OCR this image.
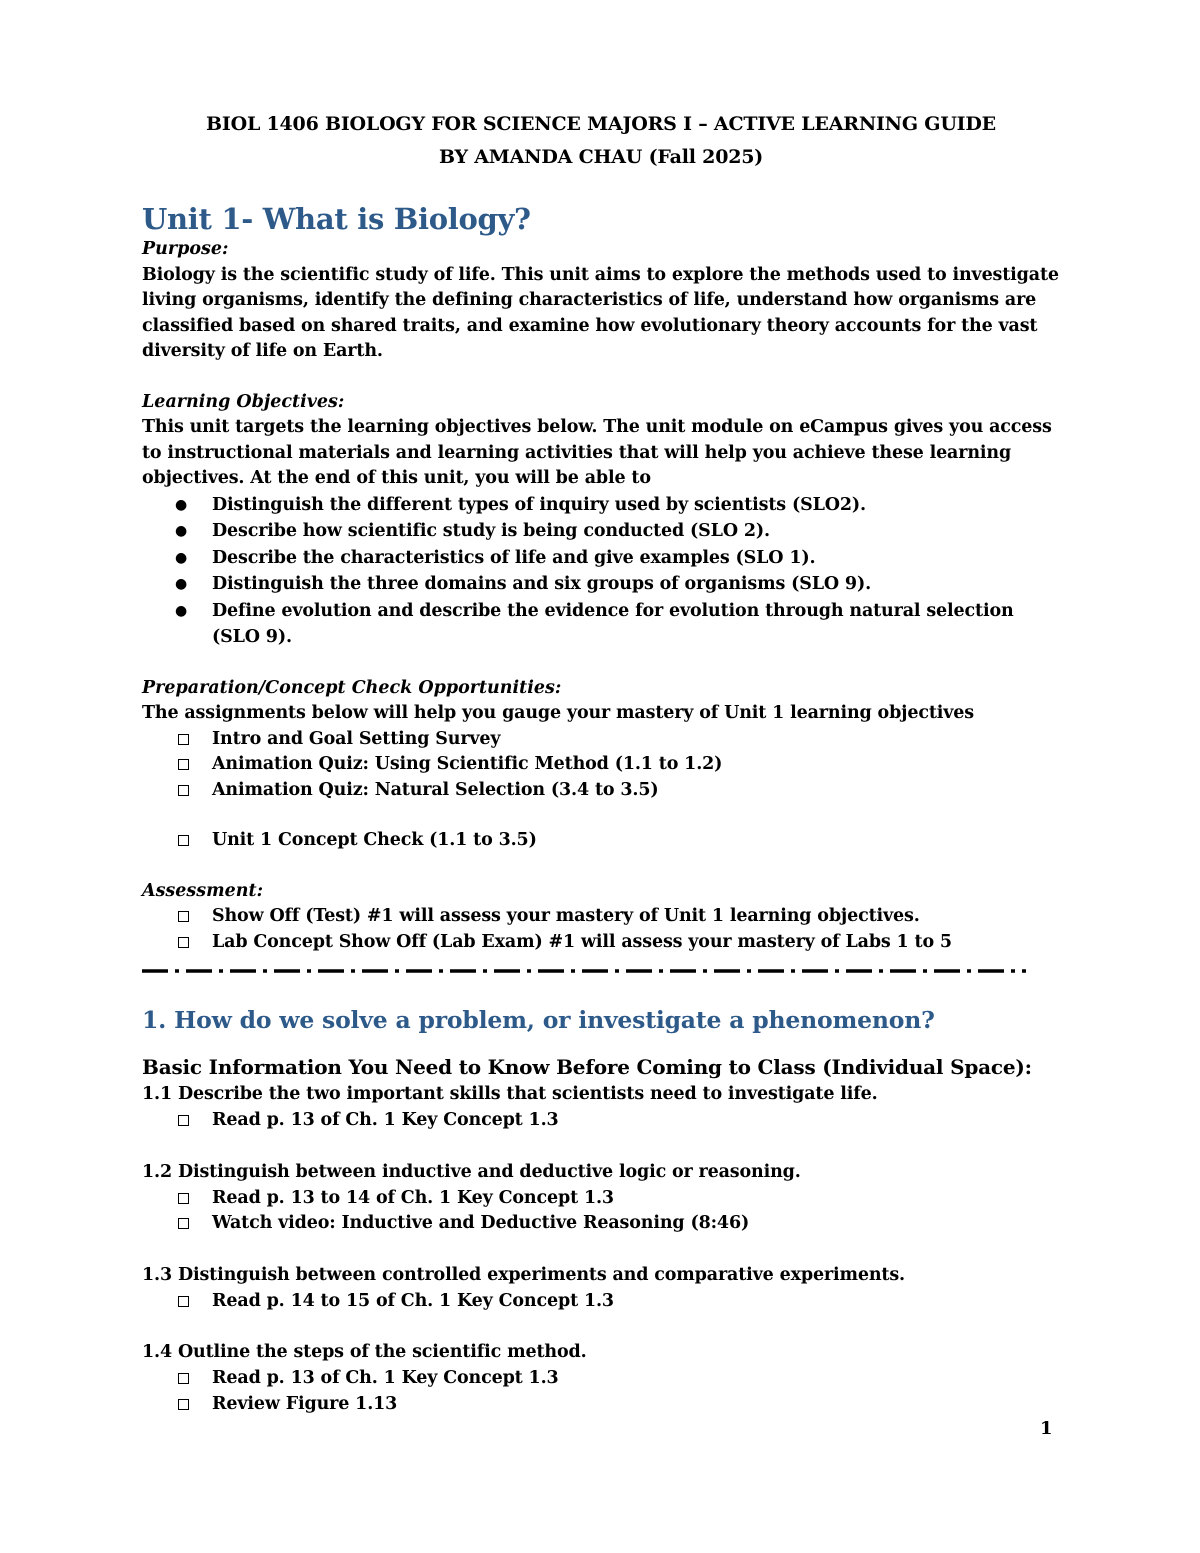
BIOL 1406 BIOLOGY FOR SCIENCE MAJORS I – ACTIVE LEARNING GUIDE
BY AMANDA CHAU (Fall 2025)
Unit 1- What is Biology?
Purpose:
Biology is the scientific study of life. This unit aims to explore the methods used to investigate living organisms, identify the defining characteristics of life, understand how organisms are classified based on shared traits, and examine how evolutionary theory accounts for the vast diversity of life on Earth.
Learning Objectives:
This unit targets the learning objectives below. The unit module on eCampus gives you access to instructional materials and learning activities that will help you achieve these learning objectives. At the end of this unit, you will be able to
● Distinguish the different types of inquiry used by scientists (SLO2).
● Describe how scientific study is being conducted (SLO 2).
● Describe the characteristics of life and give examples (SLO 1).
● Distinguish the three domains and six groups of organisms (SLO 9).
● Define evolution and describe the evidence for evolution through natural selection (SLO 9).
Preparation/Concept Check Opportunities:
The assignments below will help you gauge your mastery of Unit 1 learning objectives
Intro and Goal Setting Survey
Animation Quiz: Using Scientific Method (1.1 to 1.2)
Animation Quiz: Natural Selection (3.4 to 3.5)
Unit 1 Concept Check (1.1 to 3.5)
Assessment:
Show Off (Test) #1 will assess your mastery of Unit 1 learning objectives.
Lab Concept Show Off (Lab Exam) #1 will assess your mastery of Labs 1 to 5
1. How do we solve a problem, or investigate a phenomenon?
Basic Information You Need to Know Before Coming to Class (Individual Space):
1.1 Describe the two important skills that scientists need to investigate life.
Read p. 13 of Ch. 1 Key Concept 1.3
1.2 Distinguish between inductive and deductive logic or reasoning.
Read p. 13 to 14 of Ch. 1 Key Concept 1.3
Watch video: Inductive and Deductive Reasoning (8:46)
1.3 Distinguish between controlled experiments and comparative experiments.
Read p. 14 to 15 of Ch. 1 Key Concept 1.3
1.4 Outline the steps of the scientific method.
Read p. 13 of Ch. 1 Key Concept 1.3
Review Figure 1.13
1
